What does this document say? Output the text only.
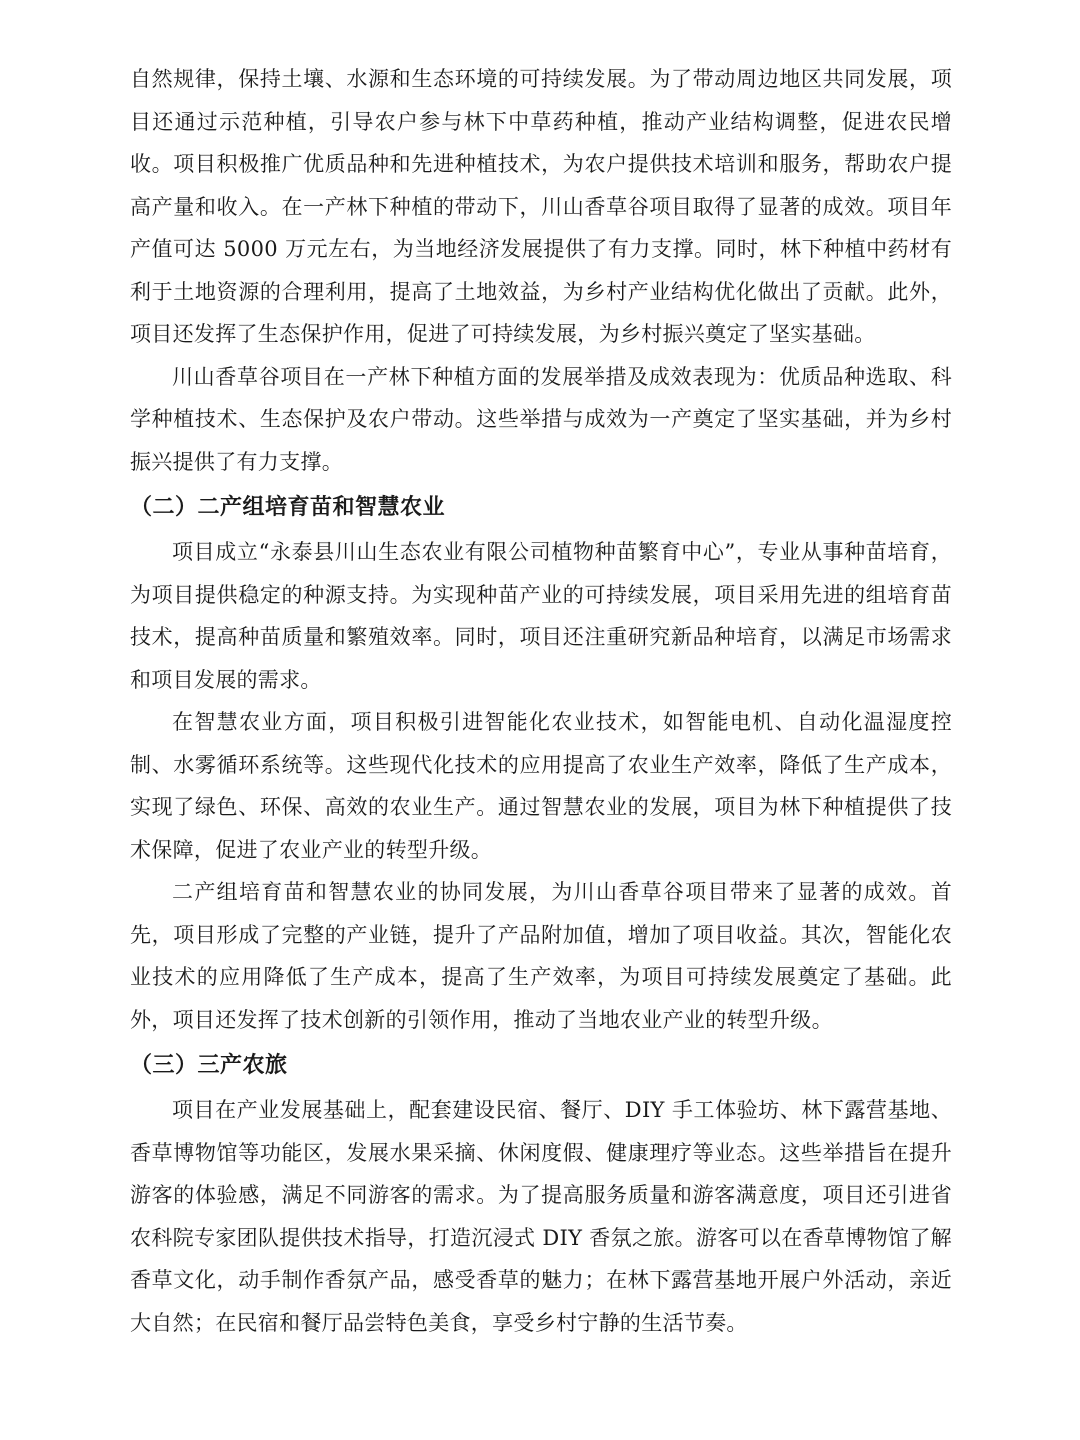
自然规律，保持土壤、水源和生态环境的可持续发展。为了带动周边地区共同发展，项目还通过示范种植，引导农户参与林下中草药种植，推动产业结构调整，促进农民增收。项目积极推广优质品种和先进种植技术，为农户提供技术培训和服务，帮助农户提高产量和收入。在一产林下种植的带动下，川山香草谷项目取得了显著的成效。项目年产值可达 5000 万元左右，为当地经济发展提供了有力支撑。同时，林下种植中药材有利于土地资源的合理利用，提高了土地效益，为乡村产业结构优化做出了贡献。此外，项目还发挥了生态保护作用，促进了可持续发展，为乡村振兴奠定了坚实基础。

川山香草谷项目在一产林下种植方面的发展举措及成效表现为：优质品种选取、科学种植技术、生态保护及农户带动。这些举措与成效为一产奠定了坚实基础，并为乡村振兴提供了有力支撑。

（二）二产组培育苗和智慧农业

项目成立“永泰县川山生态农业有限公司植物种苗繁育中心”，专业从事种苗培育，为项目提供稳定的种源支持。为实现种苗产业的可持续发展，项目采用先进的组培育苗技术，提高种苗质量和繁殖效率。同时，项目还注重研究新品种培育，以满足市场需求和项目发展的需求。

在智慧农业方面，项目积极引进智能化农业技术，如智能电机、自动化温湿度控制、水雾循环系统等。这些现代化技术的应用提高了农业生产效率，降低了生产成本，实现了绿色、环保、高效的农业生产。通过智慧农业的发展，项目为林下种植提供了技术保障，促进了农业产业的转型升级。

二产组培育苗和智慧农业的协同发展，为川山香草谷项目带来了显著的成效。首先，项目形成了完整的产业链，提升了产品附加值，增加了项目收益。其次，智能化农业技术的应用降低了生产成本，提高了生产效率，为项目可持续发展奠定了基础。此外，项目还发挥了技术创新的引领作用，推动了当地农业产业的转型升级。

（三）三产农旅

项目在产业发展基础上，配套建设民宿、餐厅、DIY 手工体验坊、林下露营基地、香草博物馆等功能区，发展水果采摘、休闲度假、健康理疗等业态。这些举措旨在提升游客的体验感，满足不同游客的需求。为了提高服务质量和游客满意度，项目还引进省农科院专家团队提供技术指导，打造沉浸式 DIY 香氛之旅。游客可以在香草博物馆了解香草文化，动手制作香氛产品，感受香草的魅力；在林下露营基地开展户外活动，亲近大自然；在民宿和餐厅品尝特色美食，享受乡村宁静的生活节奏。
